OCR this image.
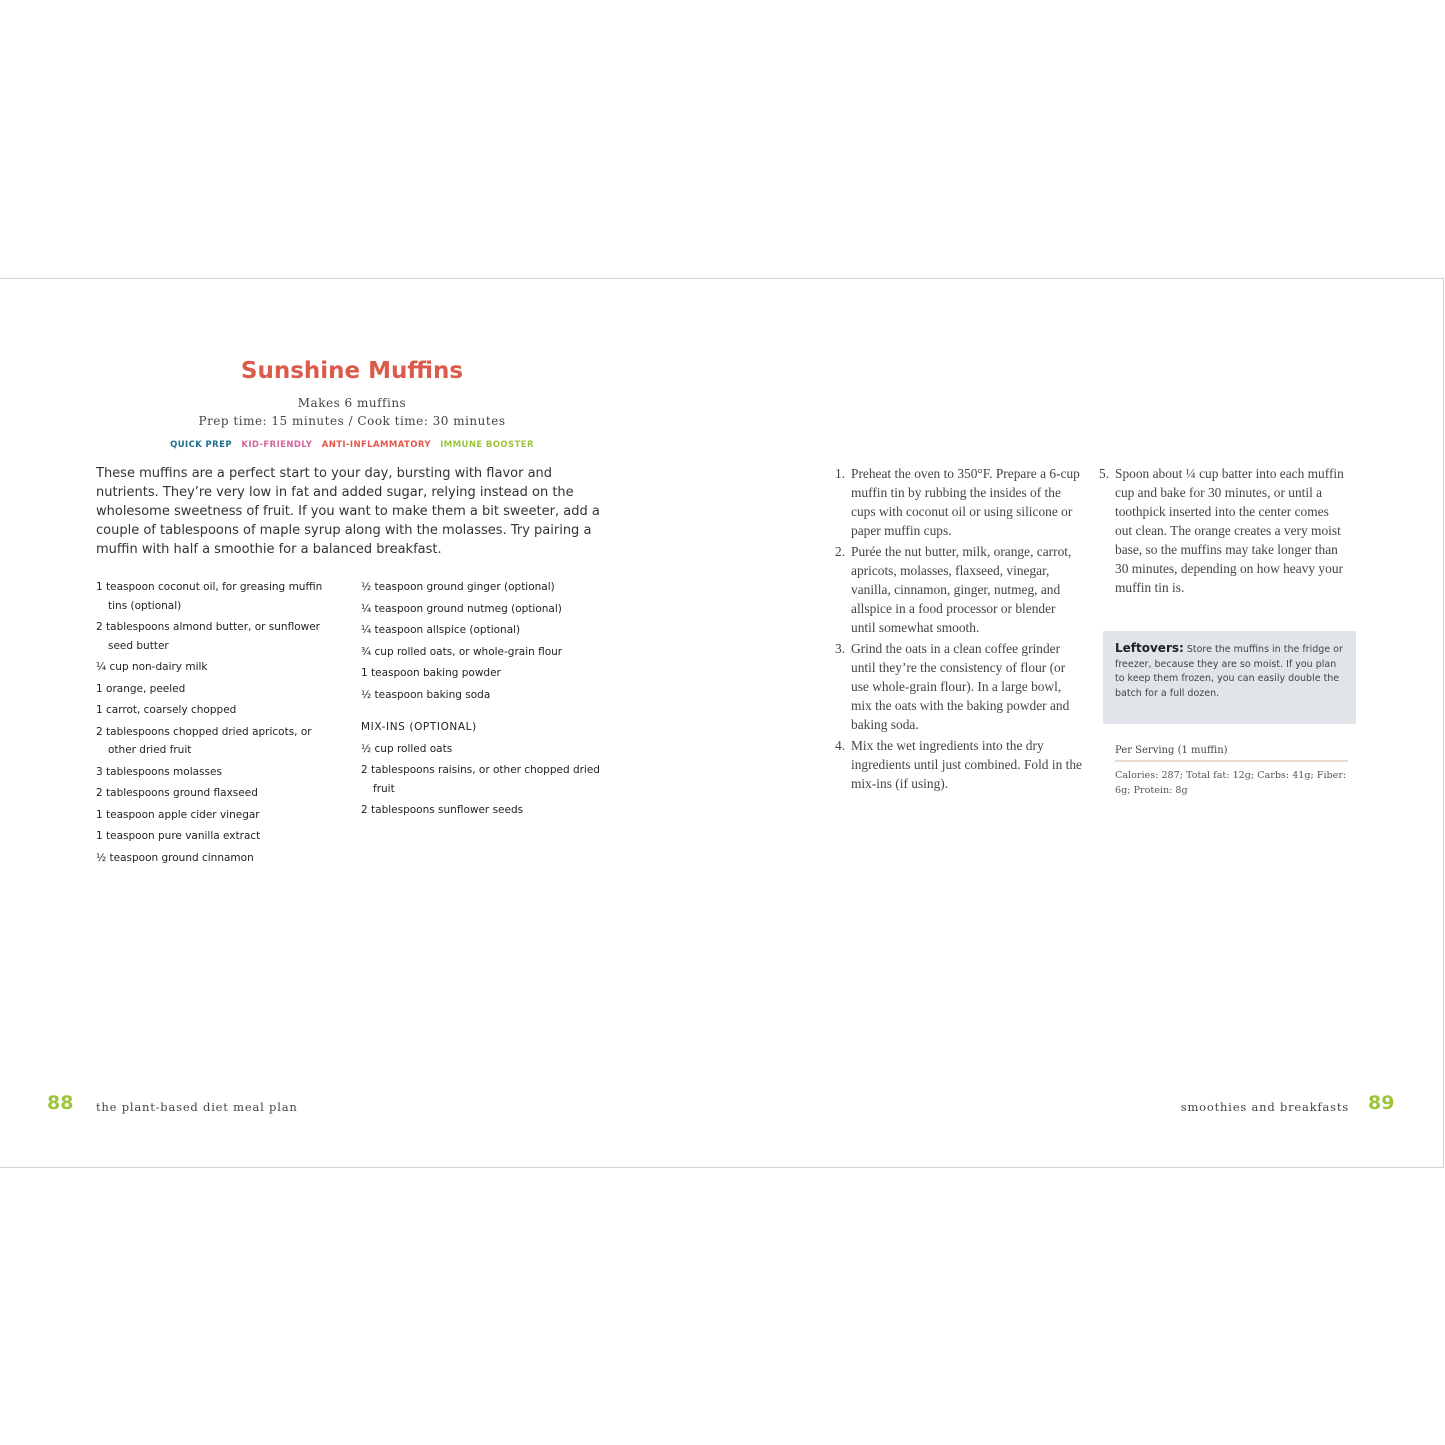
Sunshine Muffins
Makes 6 muffins
Prep time: 15 minutes / Cook time: 30 minutes
QUICK PREP KID-FRIENDLY ANTI-INFLAMMATORY IMMUNE BOOSTER
These muffins are a perfect start to your day, bursting with flavor and nutrients. They’re very low in fat and added sugar, relying instead on the wholesome sweetness of fruit. If you want to make them a bit sweeter, add a couple of tablespoons of maple syrup along with the molasses. Try pairing a muffin with half a smoothie for a balanced breakfast.
1 teaspoon coconut oil, for greasing muffin tins (optional)
2 tablespoons almond butter, or sunflower seed butter
¼ cup non-dairy milk
1 orange, peeled
1 carrot, coarsely chopped
2 tablespoons chopped dried apricots, or other dried fruit
3 tablespoons molasses
2 tablespoons ground flaxseed
1 teaspoon apple cider vinegar
1 teaspoon pure vanilla extract
½ teaspoon ground cinnamon
½ teaspoon ground ginger (optional)
¼ teaspoon ground nutmeg (optional)
¼ teaspoon allspice (optional)
¾ cup rolled oats, or whole-grain flour
1 teaspoon baking powder
½ teaspoon baking soda
MIX-INS (OPTIONAL)
½ cup rolled oats
2 tablespoons raisins, or other chopped dried fruit
2 tablespoons sunflower seeds
1. Preheat the oven to 350°F. Prepare a 6-cup muffin tin by rubbing the insides of the cups with coconut oil or using silicone or paper muffin cups.
2. Purée the nut butter, milk, orange, carrot, apricots, molasses, flaxseed, vinegar, vanilla, cinnamon, ginger, nutmeg, and allspice in a food processor or blender until somewhat smooth.
3. Grind the oats in a clean coffee grinder until they’re the consistency of flour (or use whole-grain flour). In a large bowl, mix the oats with the baking powder and baking soda.
4. Mix the wet ingredients into the dry ingredients until just combined. Fold in the mix-ins (if using).
5. Spoon about ¼ cup batter into each muffin cup and bake for 30 minutes, or until a toothpick inserted into the center comes out clean. The orange creates a very moist base, so the muffins may take longer than 30 minutes, depending on how heavy your muffin tin is.
Leftovers: Store the muffins in the fridge or freezer, because they are so moist. If you plan to keep them frozen, you can easily double the batch for a full dozen.
Per Serving (1 muffin)
Calories: 287; Total fat: 12g; Carbs: 41g; Fiber: 6g; Protein: 8g
88 the plant-based diet meal plan	smoothies and breakfasts 89
